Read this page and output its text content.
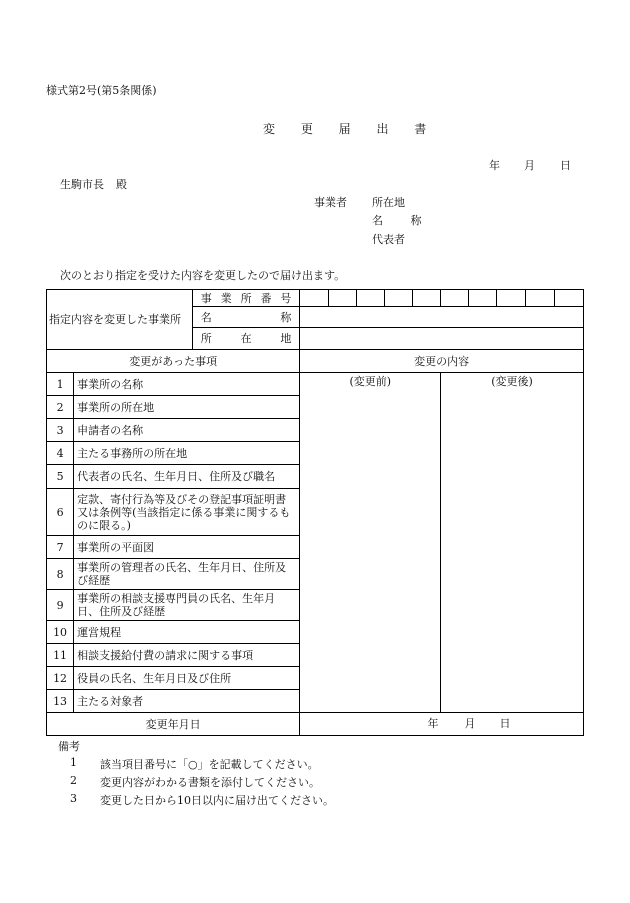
様式第2号(第5条関係)
変 更 届 出 書
年 月 日
生駒市長 殿
事業者 所在地
名 称
代表者
次のとおり指定を受けた内容を変更したので届け出ます。
指定内容を変更した事業所		事 業 所 番 号										
		名 称										
		所 在 地										
変更があった事項			変更の内容									
1	事業所の名称		(変更前)					(変更後)				
2	事業所の所在地											
3	申請者の名称											
4	主たる事務所の所在地											
5	代表者の氏名、生年月日、住所及び職名											
6	定款、寄付行為等及びその登記事項証明書又は条例等(当該指定に係る事業に関するものに限る。)											
7	事業所の平面図											
8	事業所の管理者の氏名、生年月日、住所及び経歴											
9	事業所の相談支援専門員の氏名、生年月日、住所及び経歴											
10	運営規程											
11	相談支援給付費の請求に関する事項											
12	役員の氏名、生年月日及び住所											
13	主たる対象者											
変更年月日			年 月 日									
備考
1 該当項目番号に「○」を記載してください。
2 変更内容がわかる書類を添付してください。
3 変更した日から10日以内に届け出てください。
